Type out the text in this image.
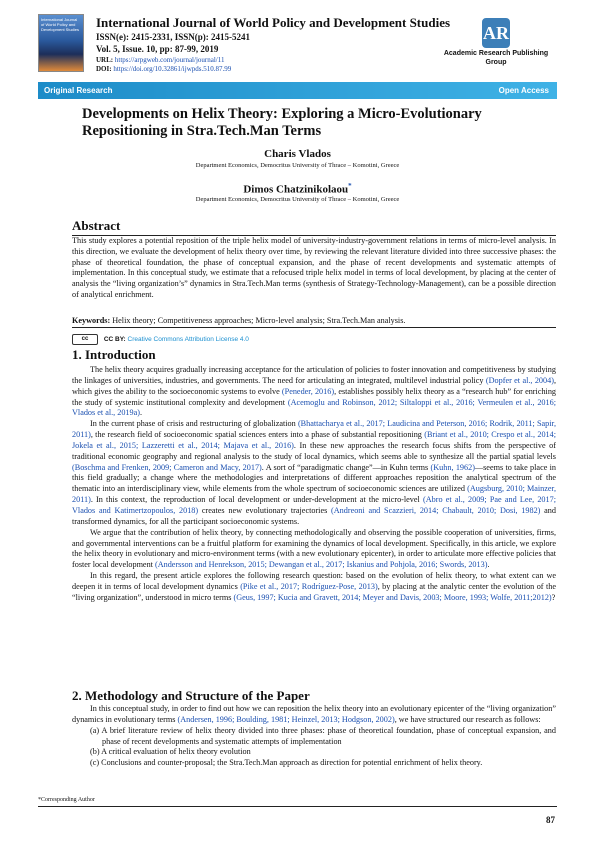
International Journal of World Policy and Development Studies International Journal of World Policy and Development Studies
ISSN(e): 2415-2331, ISSN(p): 2415-5241
Vol. 5, Issue. 10, pp: 87-99, 2019
URL: https://arpgweb.com/journal/journal/11
DOI: https://doi.org/10.32861/ijwpds.510.87.99
AR
Academic Research Publishing Group
Original Research	Open Access
Developments on Helix Theory: Exploring a Micro-Evolutionary Repositioning in Stra.Tech.Man Terms
Charis Vlados
Department Economics, Democritus University of Thrace – Komotini, Greece
Dimos Chatzinikolaou*
Department Economics, Democritus University of Thrace – Komotini, Greece
Abstract
This study explores a potential reposition of the triple helix model of university-industry-government relations in terms of micro-level analysis. In this direction, we evaluate the development of helix theory over time, by reviewing the relevant literature divided into three successive phases: the phase of theoretical foundation, the phase of conceptual expansion, and the phase of recent developments and systematic attempts of implementation. In this conceptual study, we estimate that a refocused triple helix model in terms of local development, by placing at the center of analysis the “living organization’s” dynamics in Stra.Tech.Man terms (synthesis of Strategy-Technology-Management), can be a possible direction of analytical enrichment.
Keywords: Helix theory; Competitiveness approaches; Micro-level analysis; Stra.Tech.Man analysis.
cc CC BY: Creative Commons Attribution License 4.0
1. Introduction

The helix theory acquires gradually increasing acceptance for the articulation of policies to foster innovation and competitiveness by studying the linkages of universities, industries, and governments. The need for articulating an integrated, multilevel industrial policy (Dopfer et al., 2004), which gives the ability to the socioeconomic systems to evolve (Peneder, 2016), establishes possibly helix theory as a “research hub” for enriching the study of systemic institutional complexity and development (Acemoglu and Robinson, 2012; Siltaloppi et al., 2016; Vermeulen et al., 2016; Vlados et al., 2019a).

In the current phase of crisis and restructuring of globalization (Bhattacharya et al., 2017; Laudicina and Peterson, 2016; Rodrik, 2011; Sapir, 2011), the research field of socioeconomic spatial sciences enters into a phase of substantial repositioning (Briant et al., 2010; Crespo et al., 2014; Jokela et al., 2015; Lazzeretti et al., 2014; Majava et al., 2016). In these new approaches the research focus shifts from the perspective of traditional economic geography and regional analysis to the study of local dynamics, which seems able to synthesize all the partial spatial levels (Boschma and Frenken, 2009; Cameron and Macy, 2017). A sort of “paradigmatic change”—in Kuhn terms (Kuhn, 1962)—seems to take place in this field gradually; a change where the methodologies and interpretations of different approaches reposition the analytical spectrum of the thematic into an interdisciplinary view, while elements from the whole spectrum of socioeconomic sciences are utilized (Augsburg, 2010; Mainzer, 2011). In this context, the reproduction of local development or under-development at the micro-level (Abro et al., 2009; Pae and Lee, 2017; Vlados and Katimertzopoulos, 2018) creates new evolutionary trajectories (Andreoni and Scazzieri, 2014; Chabault, 2010; Dosi, 1982) and transformed dynamics, for all the participant socioeconomic systems.

We argue that the contribution of helix theory, by connecting methodologically and observing the possible cooperation of universities, firms, and governmental interventions can be a fruitful platform for examining the dynamics of local development. Specifically, in this article, we explore the helix theory in evolutionary and micro-environment terms (with a new evolutionary epicenter), in order to articulate more effective policies that foster local development (Andersson and Henrekson, 2015; Dewangan et al., 2017; Iskanius and Pohjola, 2016; Swords, 2013).

In this regard, the present article explores the following research question: based on the evolution of helix theory, to what extent can we deepen it in terms of local development dynamics (Pike et al., 2017; Rodríguez-Pose, 2013), by placing at the analytic center the evolution of the “living organization”, understood in micro terms (Geus, 1997; Kucia and Gravett, 2014; Meyer and Davis, 2003; Moore, 1993; Wolfe, 2011;2012)?

2. Methodology and Structure of the Paper

In this conceptual study, in order to find out how we can reposition the helix theory into an evolutionary epicenter of the “living organization” dynamics in evolutionary terms (Andersen, 1996; Boulding, 1981; Heinzel, 2013; Hodgson, 2002), we have structured our research as follows:

(a) A brief literature review of helix theory divided into three phases: phase of theoretical foundation, phase of conceptual expansion, and phase of recent developments and systematic attempts of implementation
(b) A critical evaluation of helix theory evolution
(c) Conclusions and counter-proposal; the Stra.Tech.Man approach as direction for potential enrichment of helix theory.
*Corresponding Author
87
